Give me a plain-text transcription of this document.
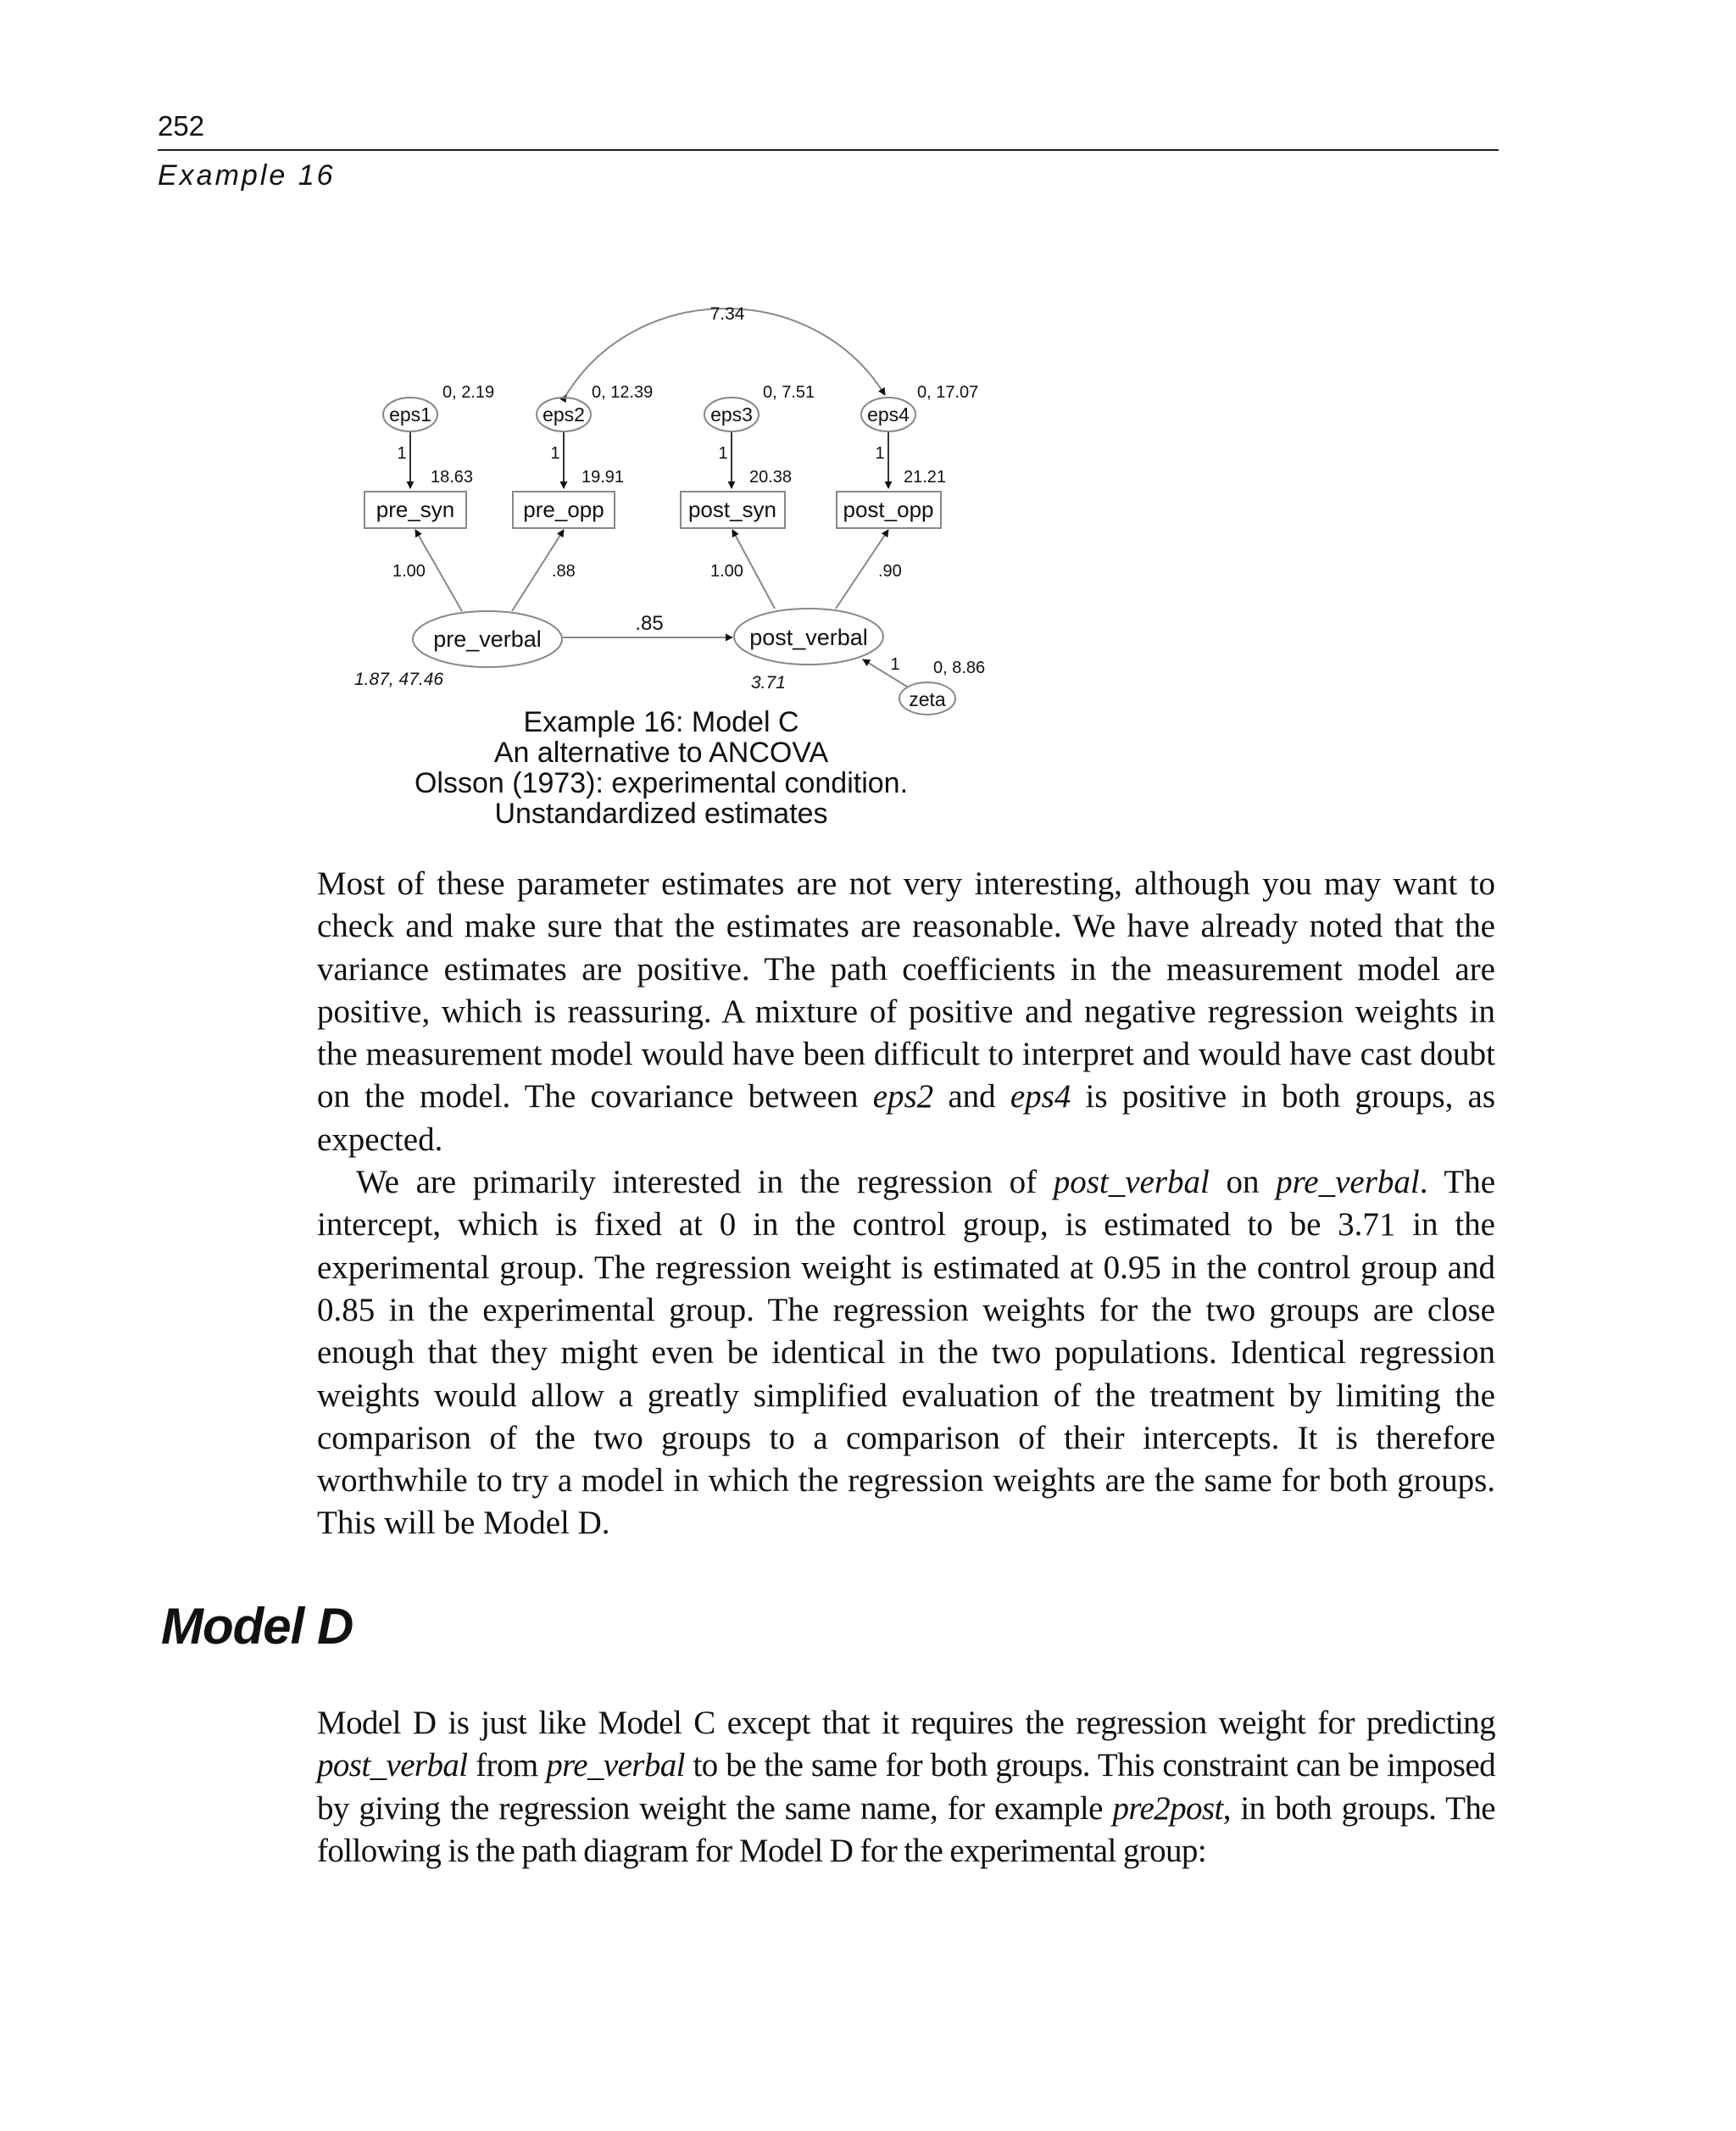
252
Example 16
7.34
eps1	eps2	eps3	eps4
0, 2.19	0, 12.39	0, 7.51	0, 17.07
1	1	1	1
18.63	19.91	20.38	21.21
pre_syn	pre_opp	post_syn	post_opp
1.00	.88	1.00	.90
pre_verbal	post_verbal
1.87, 47.46	3.71
.85
zeta
1 0, 8.86
Example 16: Model C
An alternative to ANCOVA
Olsson (1973): experimental condition.
Unstandardized estimates

Most of these parameter estimates are not very interesting, although you may want to check and make sure that the estimates are reasonable. We have already noted that the variance estimates are positive. The path coefficients in the measurement model are positive, which is reassuring. A mixture of positive and negative regression weights in the measurement model would have been difficult to interpret and would have cast doubt on the model. The covariance between eps2 and eps4 is positive in both groups, as expected.

We are primarily interested in the regression of post_verbal on pre_verbal. The intercept, which is fixed at 0 in the control group, is estimated to be 3.71 in the experimental group. The regression weight is estimated at 0.95 in the control group and 0.85 in the experimental group. The regression weights for the two groups are close enough that they might even be identical in the two populations. Identical regression weights would allow a greatly simplified evaluation of the treatment by limiting the comparison of the two groups to a comparison of their intercepts. It is therefore worthwhile to try a model in which the regression weights are the same for both groups. This will be Model D.

Model D

Model D is just like Model C except that it requires the regression weight for predicting post_verbal from pre_verbal to be the same for both groups. This constraint can be imposed by giving the regression weight the same name, for example pre2post, in both groups. The following is the path diagram for Model D for the experimental group:
